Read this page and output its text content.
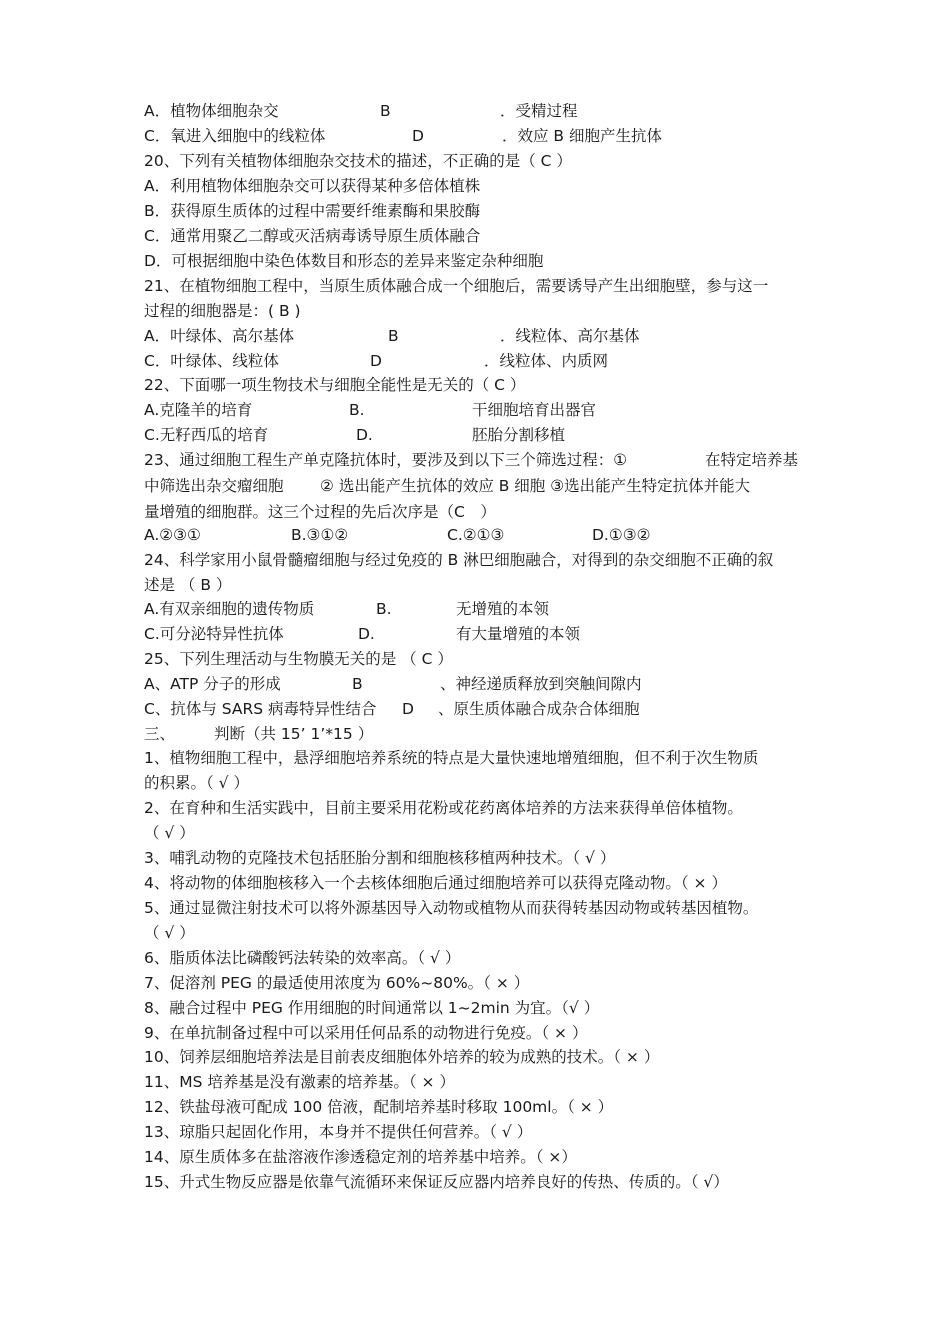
A．植物体细胞杂交	B	．受精过程
C．氧进入细胞中的线粒体	D	．效应 B 细胞产生抗体
20、下列有关植物体细胞杂交技术的描述，不正确的是（ C ）
A．利用植物体细胞杂交可以获得某种多倍体植株
B．获得原生质体的过程中需要纤维素酶和果胶酶
C．通常用聚乙二醇或灭活病毒诱导原生质体融合
D．可根据细胞中染色体数目和形态的差异来鉴定杂种细胞
21、在植物细胞工程中，当原生质体融合成一个细胞后，需要诱导产生出细胞壁，参与这一
过程的细胞器是：( B )
A．叶绿体、高尔基体	B	．线粒体、高尔基体
C．叶绿体、线粒体	D	．线粒体、内质网
22、下面哪一项生物技术与细胞全能性是无关的（ C ）
A.克隆羊的培育	B.	干细胞培育出器官
C.无籽西瓜的培育	D.	胚胎分割移植
23、通过细胞工程生产单克隆抗体时，要涉及到以下三个筛选过程：①	在特定培养基
中筛选出杂交瘤细胞 ② 选出能产生抗体的效应 B 细胞 ③选出能产生特定抗体并能大
量增殖的细胞群。这三个过程的先后次序是（C　）
A.②③①	B.③①②	C.②①③	D.①③②
24、科学家用小鼠骨髓瘤细胞与经过免疫的 B 淋巴细胞融合，对得到的杂交细胞不正确的叙
述是 （ B ）
A.有双亲细胞的遗传物质	B.	无增殖的本领
C.可分泌特异性抗体	D.	有大量增殖的本领
25、下列生理活动与生物膜无关的是 （ C ）
A、ATP 分子的形成	B	、神经递质释放到突触间隙内
C、抗体与 SARS 病毒特异性结合 D 、原生质体融合成杂合体细胞
三、	判断（共 15’ 1’*15 ）
1、植物细胞工程中，悬浮细胞培养系统的特点是大量快速地增殖细胞，但不利于次生物质
的积累。（ √ ）
2、在育种和生活实践中，目前主要采用花粉或花药离体培养的方法来获得单倍体植物。
（ √ ）
3、哺乳动物的克隆技术包括胚胎分割和细胞核移植两种技术。（ √ ）
4、将动物的体细胞核移入一个去核体细胞后通过细胞培养可以获得克隆动物。（ × ）
5、通过显微注射技术可以将外源基因导入动物或植物从而获得转基因动物或转基因植物。
（ √ ）
6、脂质体法比磷酸钙法转染的效率高。（ √ ）
7、促溶剂 PEG 的最适使用浓度为 60%~80%。（ × ）
8、融合过程中 PEG 作用细胞的时间通常以 1~2min 为宜。（√ ）
9、在单抗制备过程中可以采用任何品系的动物进行免疫。（ × ）
10、饲养层细胞培养法是目前表皮细胞体外培养的较为成熟的技术。（ × ）
11、MS 培养基是没有激素的培养基。（ × ）
12、铁盐母液可配成 100 倍液，配制培养基时移取 100ml。（ × ）
13、琼脂只起固化作用，本身并不提供任何营养。（ √ ）
14、原生质体多在盐溶液作渗透稳定剂的培养基中培养。（ ×）
15、升式生物反应器是依靠气流循环来保证反应器内培养良好的传热、传质的。（ √）
